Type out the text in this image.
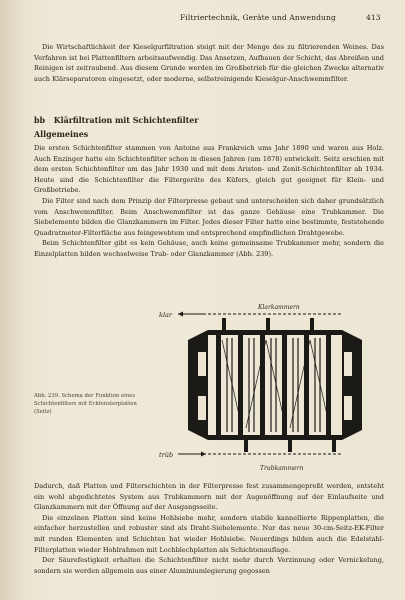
Filtriertechnik, Geräte und Anwendung	413

Die Wirtschaftlichkeit der Kieselgurfiltration steigt mit der Menge des zu filtrierenden Weines. Das Verfahren ist bei Plattenfiltern arbeitsaufwendig. Das Ansetzen, Aufbauen der Schicht, das Abreißen und Reinigen ist zeitraubend. Aus diesem Grunde werden im Großbetrieb für die gleichen Zwecke alternativ auch Klärseparatoren eingesetzt, oder moderne, selbstreinigende Kieselgur-Anschwemmfilter.

bb Klärfiltration mit Schichtenfilter
Allgemeines

Die ersten Schichtenfilter stammen von Antoine aus Frankreich ums Jahr 1890 und waren aus Holz. Auch Enzinger hatte ein Schichtenfilter schon in diesen Jahren (um 1878) entwickelt. Seitz erschien mit dem ersten Schichtenfilter um das Jahr 1930 und mit dem Ariston- und Zenit-Schichtenfilter ab 1934. Heute sind die Schichtenfilter die Filtergeräte des Küfers, gleich gut geeignet für Klein- und Großbetriebe.

Die Filter sind nach dem Prinzip der Filterpresse gebaut und unterscheiden sich daher grundsätzlich vom Anschwemmfilter. Beim Anschwemmfilter ist das ganze Gehäuse eine Trubkammer. Die Siebelemente bilden die Glanzkammern im Filter. Jedes dieser Filter hatte eine bestimmte, feststehende Quadratmeter-Filterfläche aus feingewebtem und entsprechend empfindlichen Drahtgewebe.

Beim Schichtenfilter gibt es kein Gehäuse, auch keine gemeinsame Trubkammer mehr, sondern die Einzelplatten bilden wechselweise Trub- oder Glanzkammer (Abb. 239).

Klarkammern
Trubkammern
klar
trüb
Abb. 239. Schema der Funktion eines Schichtenfilters mit Eckfensterplatten (Seitz)

Dadurch, daß Platten und Filterschichten in der Filterpresse fest zusammengepreßt werden, entsteht ein wohl abgedichtetes System aus Trubkammern mit der Augenöffnung auf der Einlaufseite und Glanzkammern mit der Öffnung auf der Ausgangsseite.

Die einzelnen Platten sind keine Hohlsiebe mehr, sondern stabile kannellierte Rippenplatten, die einfacher herzustellen und robuster sind als Draht-Siebelemente. Nur das neue 30-cm-Seitz-EK-Filter mit runden Elementen und Schichten hat wieder Hohlsiebe. Neuerdings bilden auch die Edelstahl-Filterplatten wieder Hohlrahmen mit Lochblechplatten als Schichtenauflage.

Der Säurefestigkeit erhalten die Schichtenfilter nicht mehr durch Verzinnung oder Vernickelung, sondern sie werden allgemein aus einer Aluminiumlegierung gegossen
